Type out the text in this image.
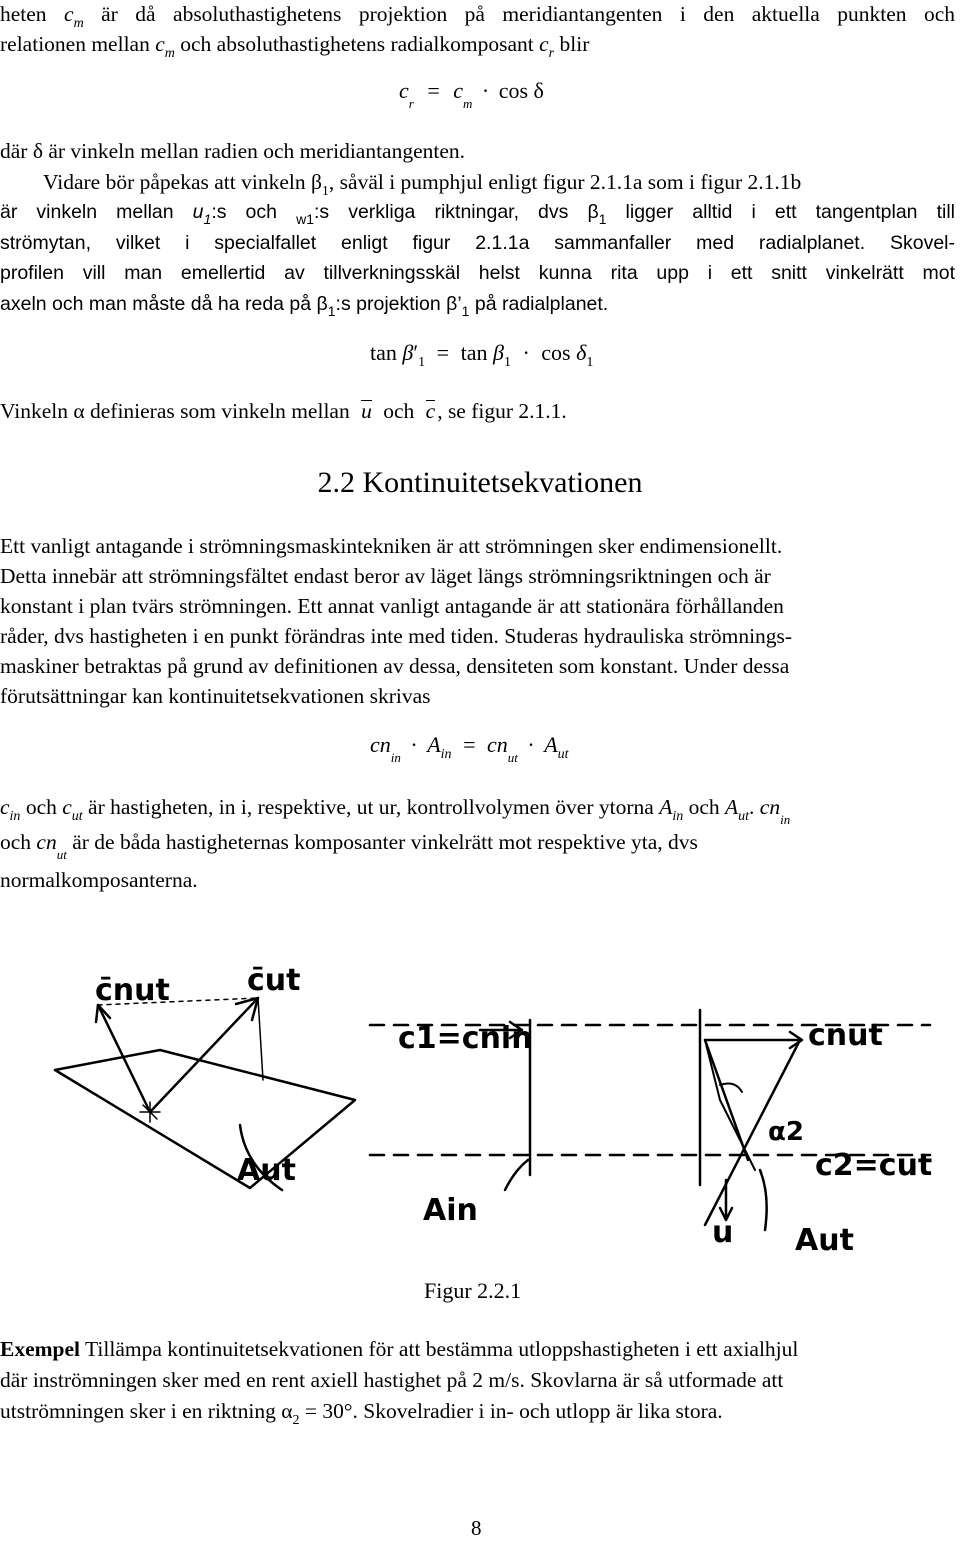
heten $c_m$ är då absoluthastighetens projektion på meridiantangenten i den aktuella punkten och
relationen mellan $c_m$ och absoluthastighetens radialkomposant $c_r$ blir
$c_r = c_m \cdot \cos \delta$
där δ är vinkeln mellan radien och meridiantangenten.
Vidare bör påpekas att vinkeln $\beta_1$, såväl i pumphjul enligt figur 2.1.1a som i figur 2.1.1b
är vinkeln mellan $u_1:s$ och $_{w1}$:s verkliga riktningar, dvs $\beta_1$ ligger alltid i ett tangentplan till
strömytan, vilket i specialfallet enligt figur 2.1.1a sammanfaller med radialplanet. Skovel-
profilen vill man emellertid av tillverkningsskäl helst kunna rita upp i ett snitt vinkelrätt mot
axeln och man måste då ha reda på $\beta_1:s$ projektion $\beta’_1$ på radialplanet.
$\tan \beta'_1 = \tan \beta_1 \cdot \cos \delta_1$
Vinkeln α definieras som vinkeln mellan u och c, se figur 2.1.1.
2.2 Kontinuitetsekvationen
Ett vanligt antagande i strömningsmaskintekniken är att strömningen sker endimensionellt.
Detta innebär att strömningsfältet endast beror av läget längs strömningsriktningen och är
konstant i plan tvärs strömningen. Ett annat vanligt antagande är att stationära förhållanden
råder, dvs hastigheten i en punkt förändras inte med tiden. Studeras hydrauliska strömnings-
maskiner betraktas på grund av definitionen av dessa, densiteten som konstant. Under dessa
förutsättningar kan kontinuitetsekvationen skrivas
$cn_{in} \cdot A_{in} = cn_{ut} \cdot A_{ut}$
$c_{in}$ och $c_{ut}$ är hastigheten, in i, respektive, ut ur, kontrollvolymen över ytorna $A_{in}$ och $A_{ut}$. $cn_{in}$
och $cn_{ut}$ är de båda hastigheternas komposanter vinkelrätt mot respektive yta, dvs
normalkomposanterna.
c̄nut	c̄ut
Aut
c1=cnin	cnut
α2
c2=cut
Ain
u Aut
Figur 2.2.1
Exempel Tillämpa kontinuitetsekvationen för att bestämma utloppshastigheten i ett axialhjul
där inströmningen sker med en rent axiell hastighet på 2 m/s. Skovlarna är så utformade att
utströmningen sker i en riktning $\alpha_2 = 30^\circ$. Skovelradier i in- och utlopp är lika stora.
8
